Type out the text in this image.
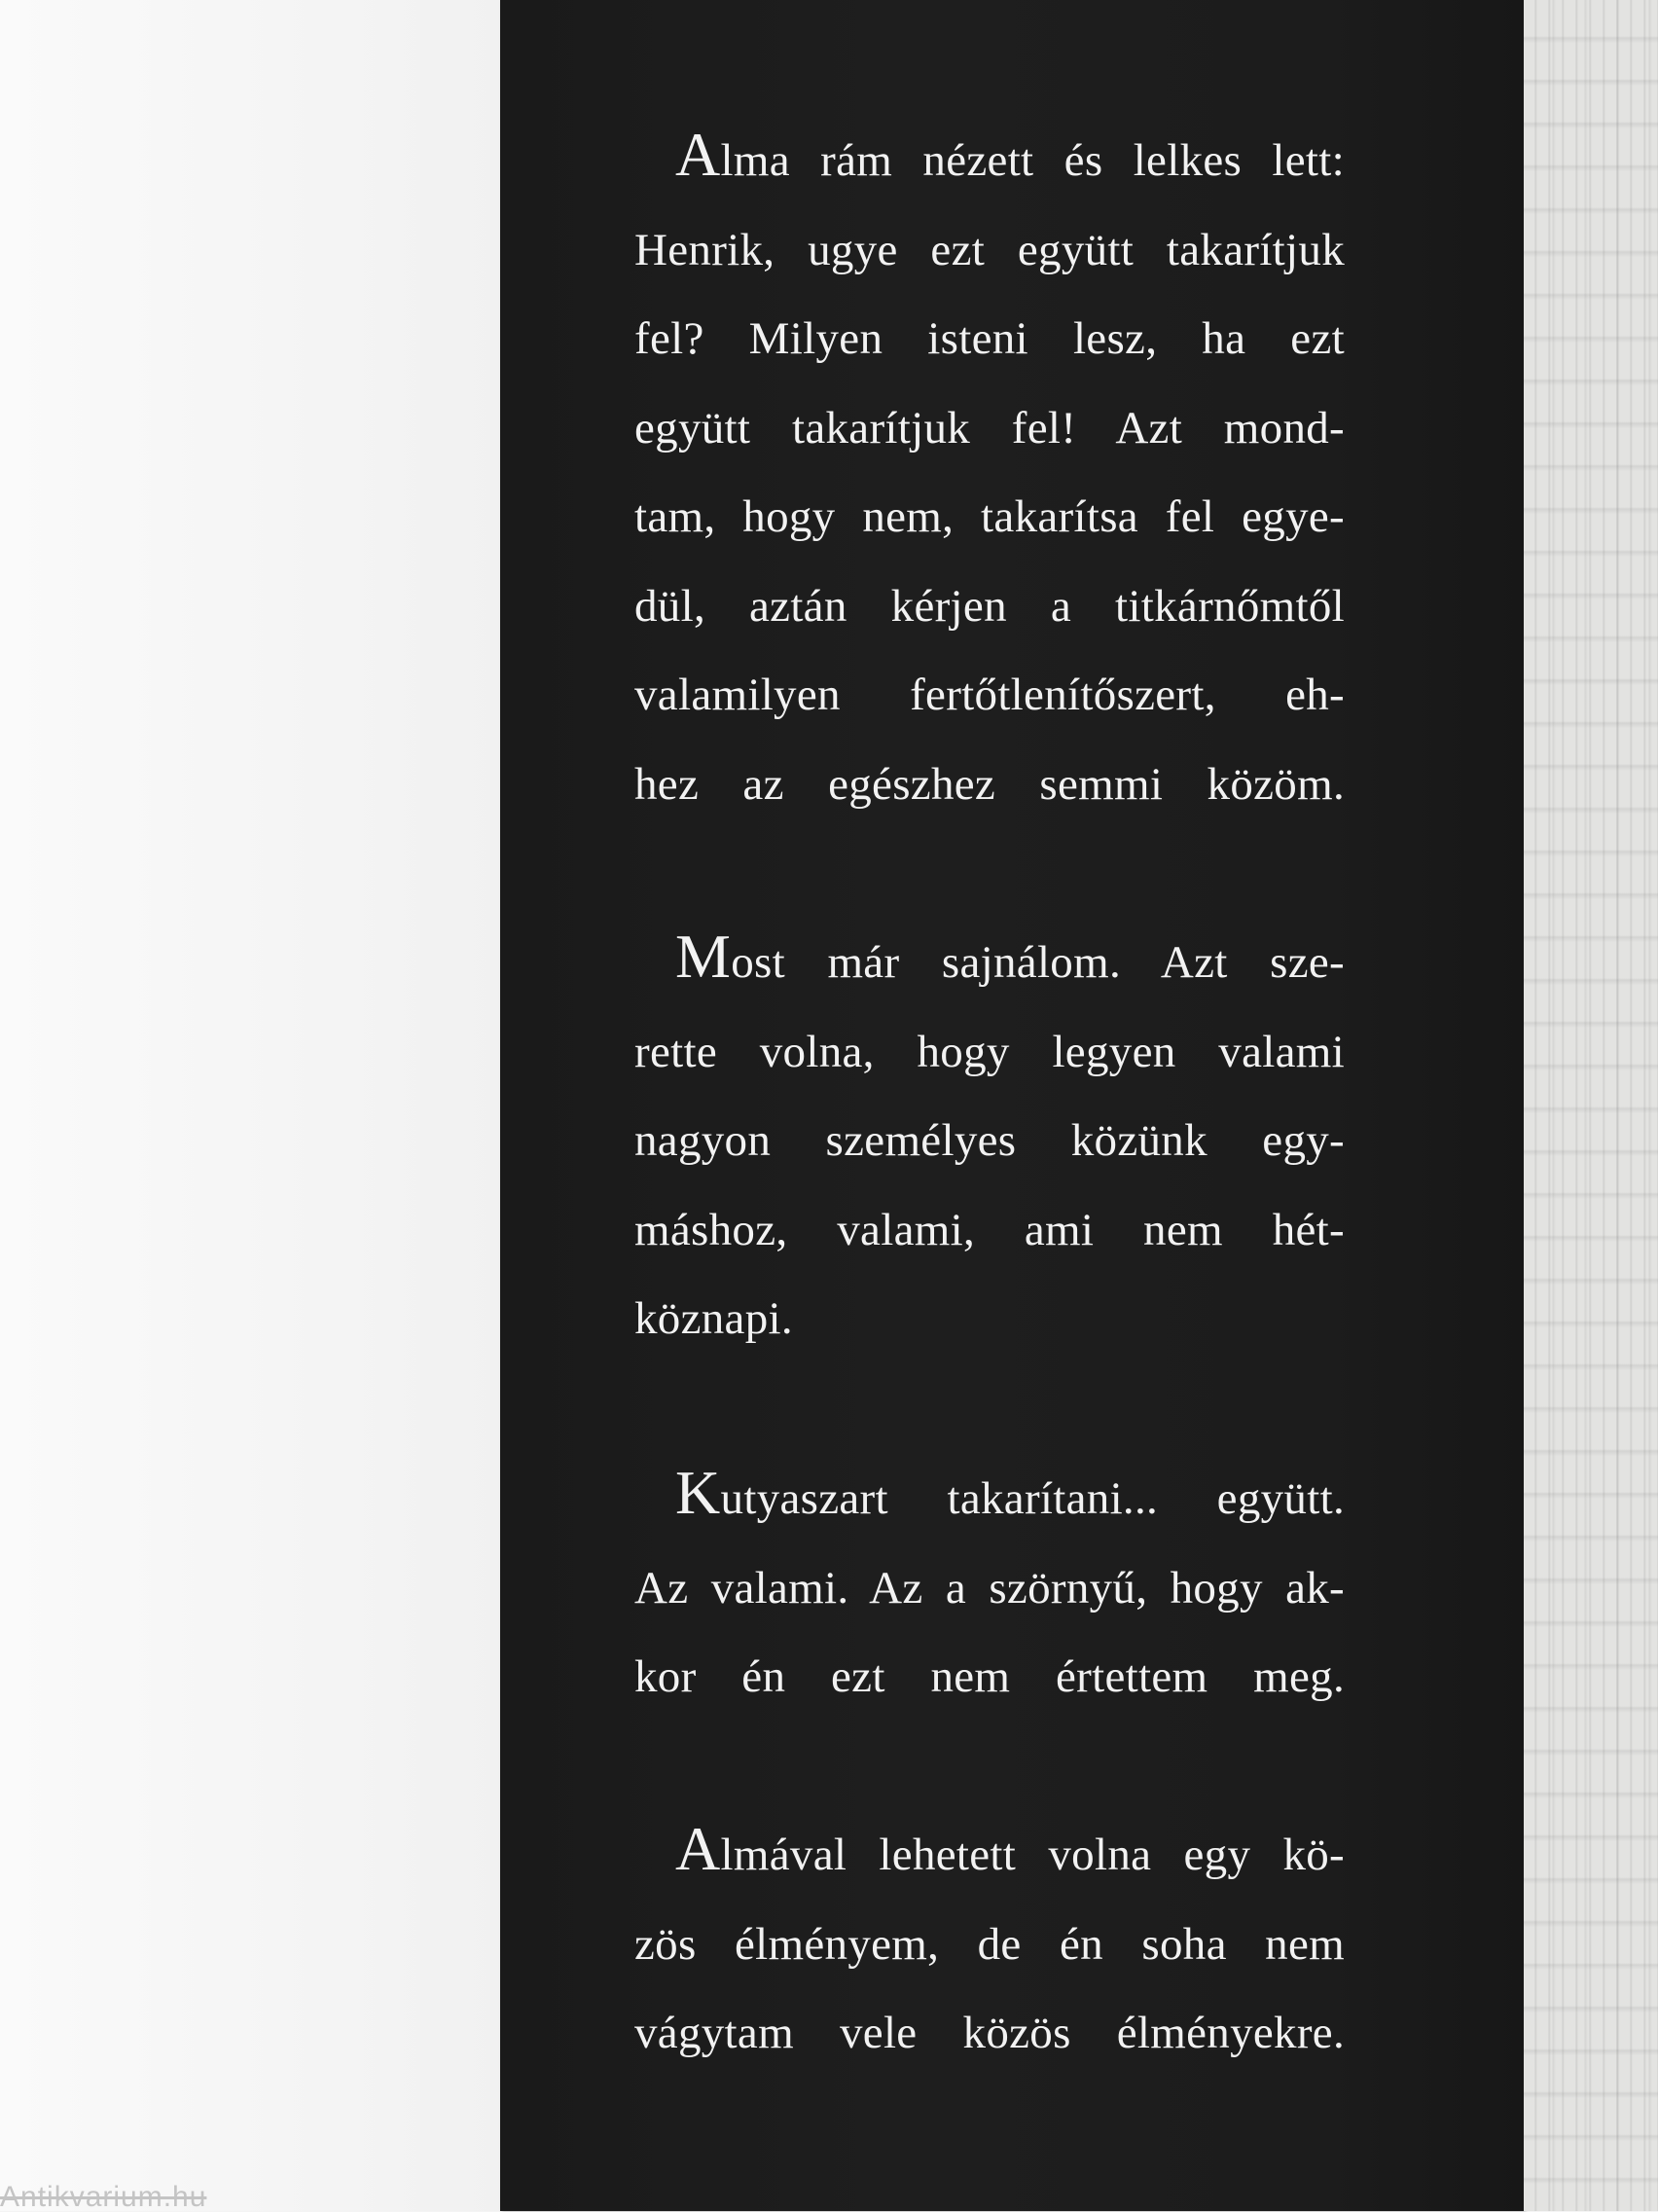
Antikvarium.hu
Alma rám nézett és lelkes lett:
Henrik, ugye ezt együtt takarítjuk
fel? Milyen isteni lesz, ha ezt
együtt takarítjuk fel! Azt mond-
tam, hogy nem, takarítsa fel egye-
dül, aztán kérjen a titkárnőmtől
valamilyen fertőtlenítőszert, eh-
hez az egészhez semmi közöm.
Most már sajnálom. Azt sze-
rette volna, hogy legyen valami
nagyon személyes közünk egy-
máshoz, valami, ami nem hét-
köznapi.
Kutyaszart takarítani... együtt.
Az valami. Az a szörnyű, hogy ak-
kor én ezt nem értettem meg.
Almával lehetett volna egy kö-
zös élményem, de én soha nem
vágytam vele közös élményekre.
